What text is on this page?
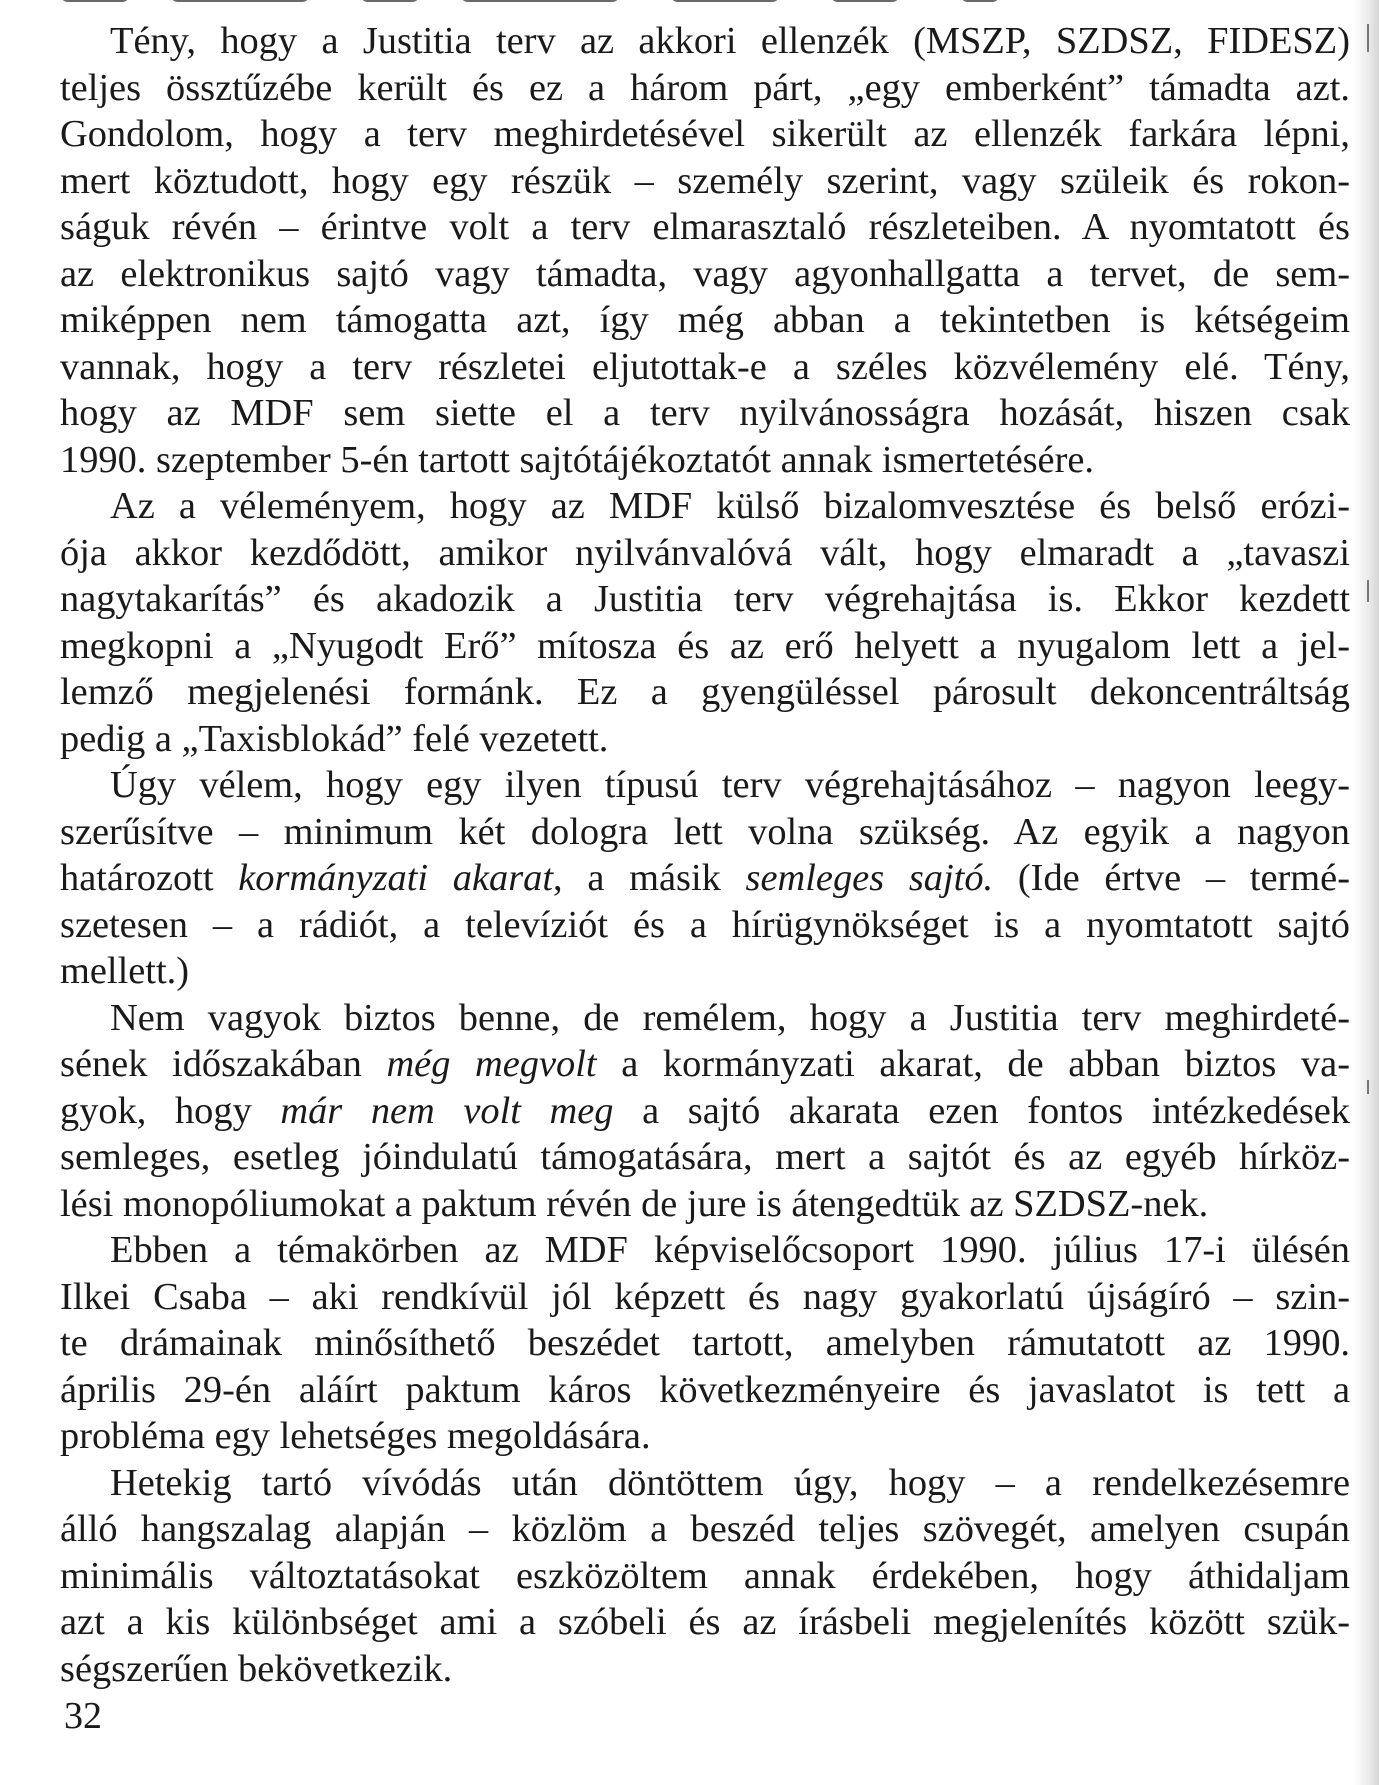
Tény, hogy a Justitia terv az akkori ellenzék (MSZP, SZDSZ, FIDESZ)
teljes össztűzébe került és ez a három párt, „egy emberként” támadta azt.
Gondolom, hogy a terv meghirdetésével sikerült az ellenzék farkára lépni,
mert köztudott, hogy egy részük – személy szerint, vagy szüleik és rokon-
ságuk révén – érintve volt a terv elmarasztaló részleteiben. A nyomtatott és
az elektronikus sajtó vagy támadta, vagy agyonhallgatta a tervet, de sem-
miképpen nem támogatta azt, így még abban a tekintetben is kétségeim
vannak, hogy a terv részletei eljutottak-e a széles közvélemény elé. Tény,
hogy az MDF sem siette el a terv nyilvánosságra hozását, hiszen csak
1990. szeptember 5-én tartott sajtótájékoztatót annak ismertetésére.
Az a véleményem, hogy az MDF külső bizalomvesztése és belső erózi-
ója akkor kezdődött, amikor nyilvánvalóvá vált, hogy elmaradt a „tavaszi
nagytakarítás” és akadozik a Justitia terv végrehajtása is. Ekkor kezdett
megkopni a „Nyugodt Erő” mítosza és az erő helyett a nyugalom lett a jel-
lemző megjelenési formánk. Ez a gyengüléssel párosult dekoncentráltság
pedig a „Taxisblokád” felé vezetett.
Úgy vélem, hogy egy ilyen típusú terv végrehajtásához – nagyon leegy-
szerűsítve – minimum két dologra lett volna szükség. Az egyik a nagyon
határozott kormányzati akarat, a másik semleges sajtó. (Ide értve – termé-
szetesen – a rádiót, a televíziót és a hírügynökséget is a nyomtatott sajtó
mellett.)
Nem vagyok biztos benne, de remélem, hogy a Justitia terv meghirdeté-
sének időszakában még megvolt a kormányzati akarat, de abban biztos va-
gyok, hogy már nem volt meg a sajtó akarata ezen fontos intézkedések
semleges, esetleg jóindulatú támogatására, mert a sajtót és az egyéb hírköz-
lési monopóliumokat a paktum révén de jure is átengedtük az SZDSZ-nek.
Ebben a témakörben az MDF képviselőcsoport 1990. július 17-i ülésén
Ilkei Csaba – aki rendkívül jól képzett és nagy gyakorlatú újságíró – szin-
te drámainak minősíthető beszédet tartott, amelyben rámutatott az 1990.
április 29-én aláírt paktum káros következményeire és javaslatot is tett a
probléma egy lehetséges megoldására.
Hetekig tartó vívódás után döntöttem úgy, hogy – a rendelkezésemre
álló hangszalag alapján – közlöm a beszéd teljes szövegét, amelyen csupán
minimális változtatásokat eszközöltem annak érdekében, hogy áthidaljam
azt a kis különbséget ami a szóbeli és az írásbeli megjelenítés között szük-
ségszerűen bekövetkezik.
32
